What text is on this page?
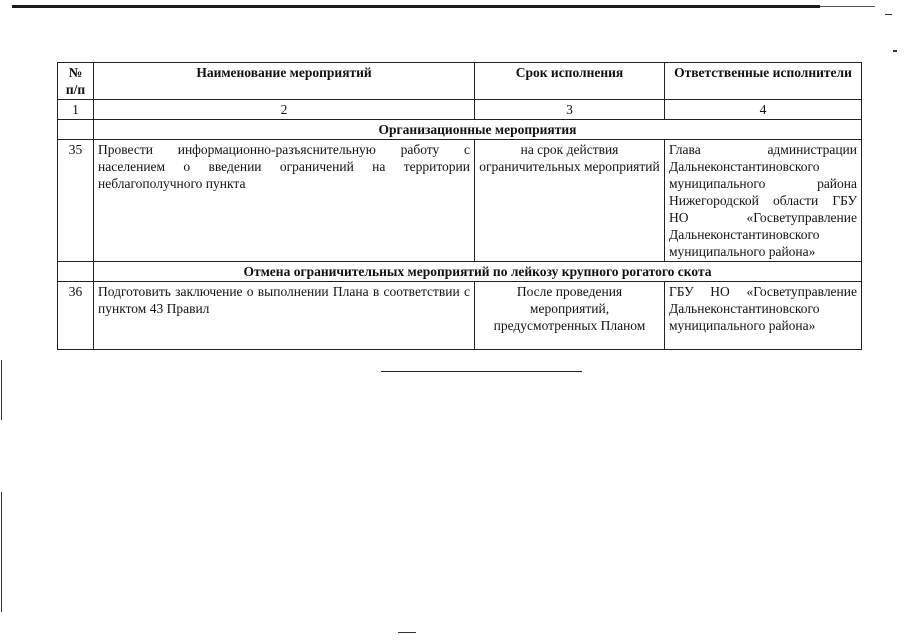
№ п/п	Наименование мероприятий	Срок исполнения	Ответственные исполнители
1	2	3	4
	Организационные мероприятия		
35	Провести информационно-разъяснительную работу с населением о введении ограничений на территории неблагополучного пункта	на срок действия ограничительных мероприятий	Глава администрации Дальнеконстантиновского муниципального района Нижегородской области ГБУ НО «Госветуправление Дальнеконстантиновского муниципального района»
	Отмена ограничительных мероприятий по лейкозу крупного рогатого скота		
36	Подготовить заключение о выполнении Плана в соответствии с пунктом 43 Правил	После проведения мероприятий, предусмотренных Планом	ГБУ НО «Госветуправление Дальнеконстантиновского муниципального района»
